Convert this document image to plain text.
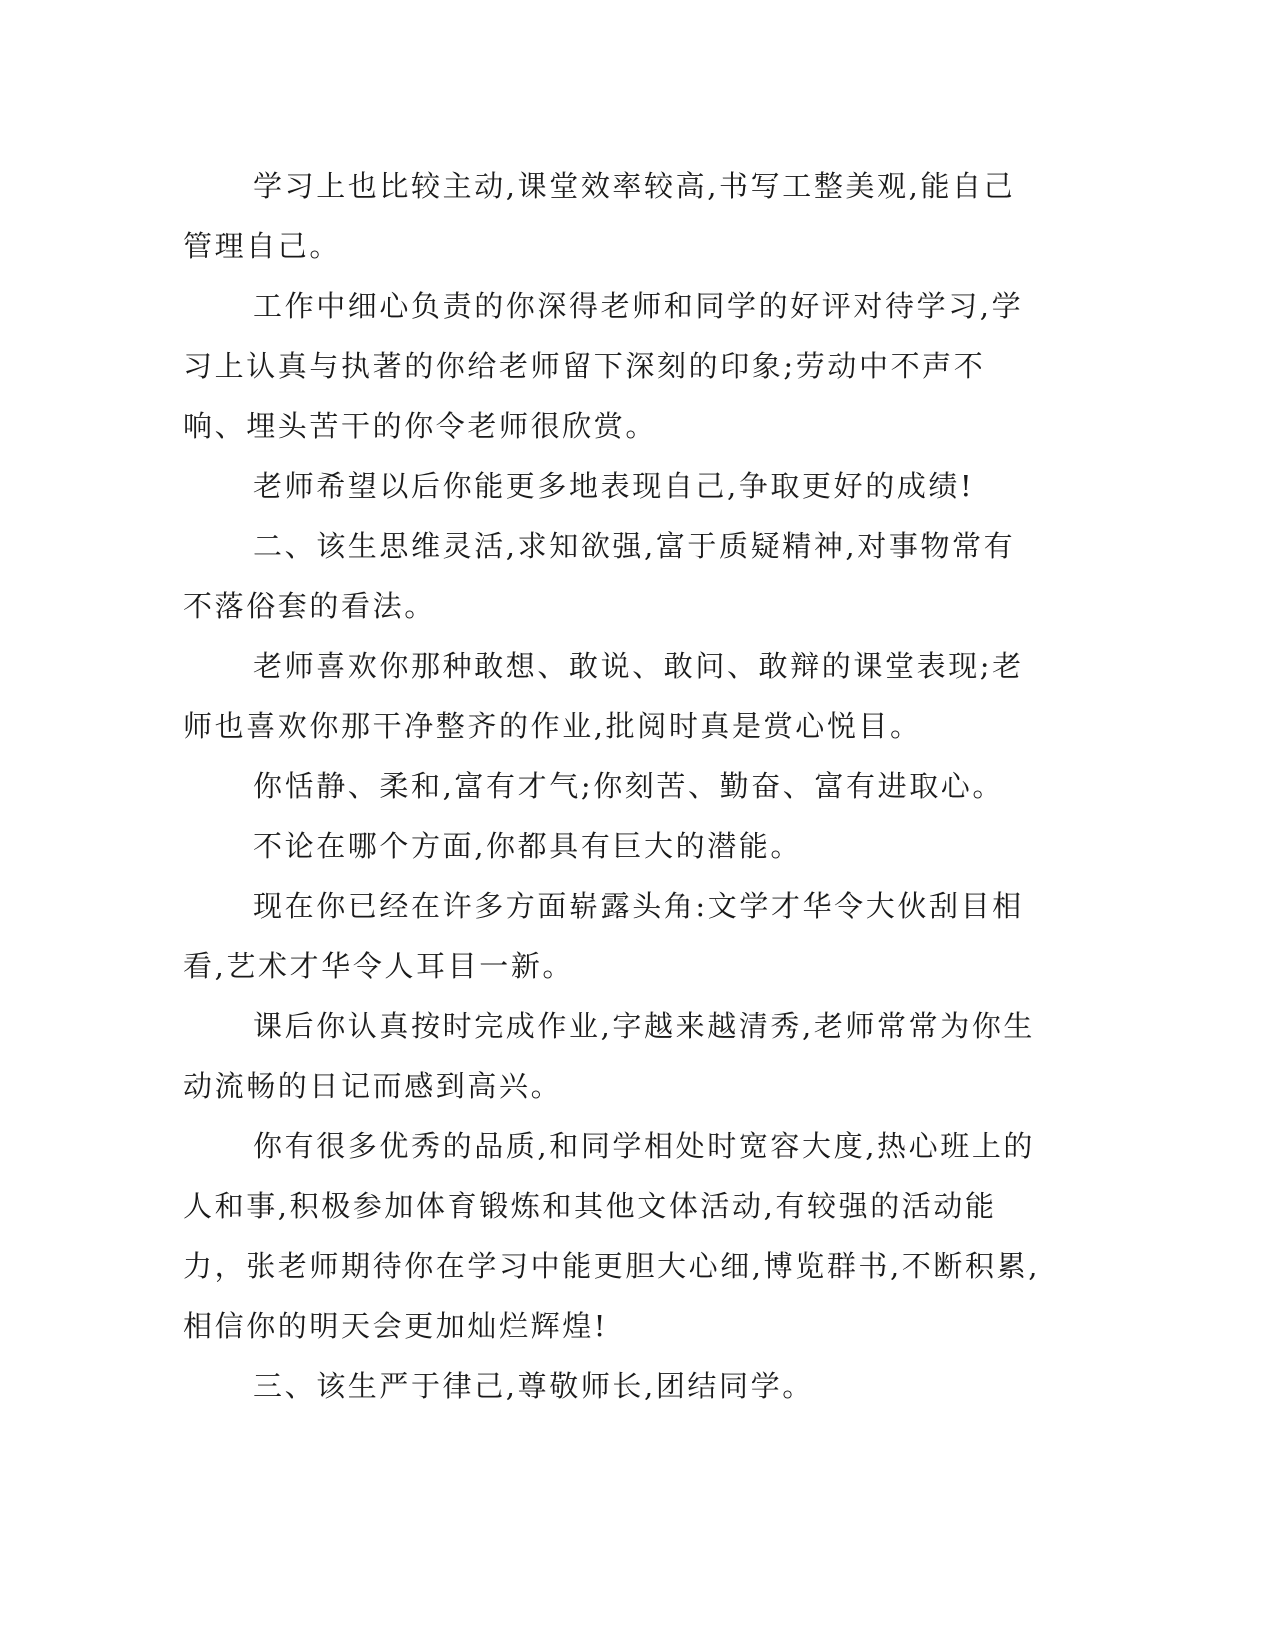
学习上也比较主动,课堂效率较高,书写工整美观,能自己管理自己。

工作中细心负责的你深得老师和同学的好评对待学习,学习上认真与执著的你给老师留下深刻的印象;劳动中不声不响、埋头苦干的你令老师很欣赏。

老师希望以后你能更多地表现自己,争取更好的成绩!

二、该生思维灵活,求知欲强,富于质疑精神,对事物常有不落俗套的看法。

老师喜欢你那种敢想、敢说、敢问、敢辩的课堂表现;老师也喜欢你那干净整齐的作业,批阅时真是赏心悦目。

你恬静、柔和,富有才气;你刻苦、勤奋、富有进取心。

不论在哪个方面,你都具有巨大的潜能。

现在你已经在许多方面崭露头角:文学才华令大伙刮目相看,艺术才华令人耳目一新。

课后你认真按时完成作业,字越来越清秀,老师常常为你生动流畅的日记而感到高兴。

你有很多优秀的品质,和同学相处时宽容大度,热心班上的人和事,积极参加体育锻炼和其他文体活动,有较强的活动能力，张老师期待你在学习中能更胆大心细,博览群书,不断积累,相信你的明天会更加灿烂辉煌!

三、该生严于律己,尊敬师长,团结同学。
